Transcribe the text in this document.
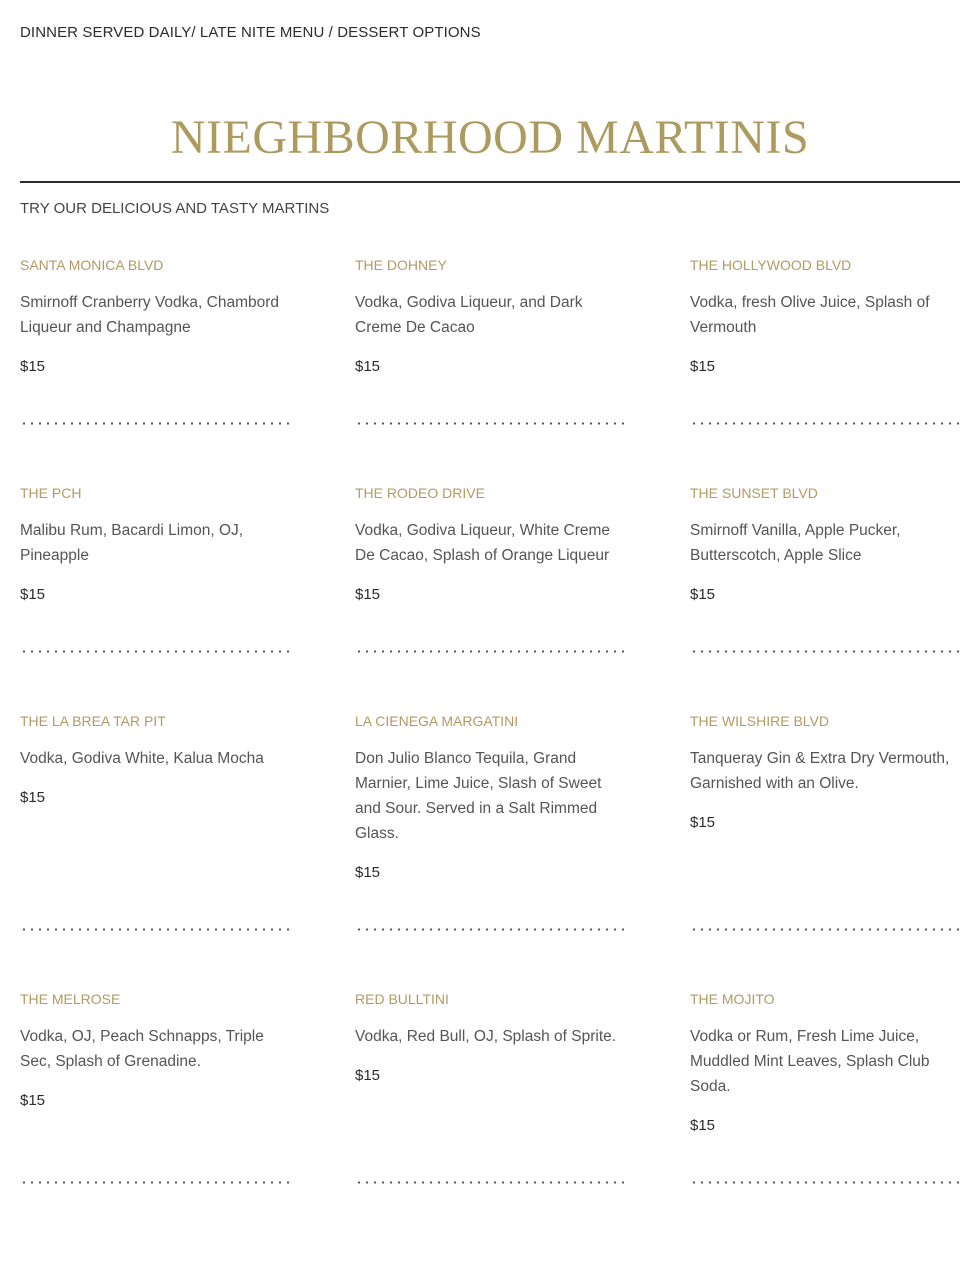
DINNER SERVED DAILY/ LATE NITE MENU / DESSERT OPTIONS
NIEGHBORHOOD MARTINIS
TRY OUR DELICIOUS AND TASTY MARTINS
SANTA MONICA BLVD
Smirnoff Cranberry Vodka, Chambord Liqueur and Champagne
$15
THE DOHNEY
Vodka, Godiva Liqueur, and Dark Creme De Cacao
$15
THE HOLLYWOOD BLVD
Vodka, fresh Olive Juice, Splash of Vermouth
$15
THE PCH
Malibu Rum, Bacardi Limon, OJ, Pineapple
$15
THE RODEO DRIVE
Vodka, Godiva Liqueur, White Creme De Cacao, Splash of Orange Liqueur
$15
THE SUNSET BLVD
Smirnoff Vanilla, Apple Pucker, Butterscotch, Apple Slice
$15
THE LA BREA TAR PIT
Vodka, Godiva White, Kalua Mocha
$15
LA CIENEGA MARGATINI
Don Julio Blanco Tequila, Grand Marnier, Lime Juice, Slash of Sweet and Sour. Served in a Salt Rimmed Glass.
$15
THE WILSHIRE BLVD
Tanqueray Gin & Extra Dry Vermouth, Garnished with an Olive.
$15
THE MELROSE
Vodka, OJ, Peach Schnapps, Triple Sec, Splash of Grenadine.
$15
RED BULLTINI
Vodka, Red Bull, OJ, Splash of Sprite.
$15
THE MOJITO
Vodka or Rum, Fresh Lime Juice, Muddled Mint Leaves, Splash Club Soda.
$15
